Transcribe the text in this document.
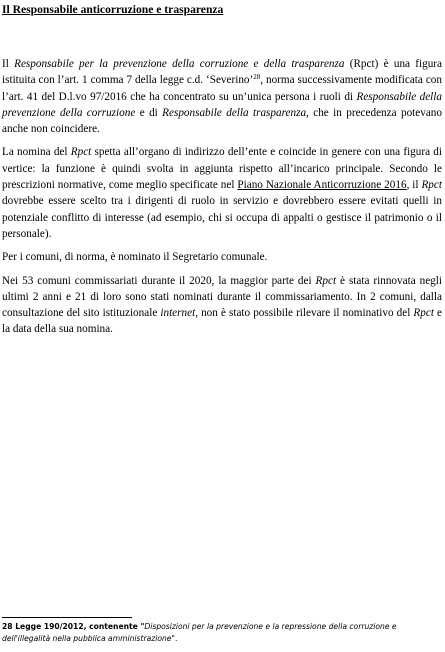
Il Responsabile anticorruzione e trasparenza

Il Responsabile per la prevenzione della corruzione e della trasparenza (Rpct) è una figura istituita con l’art. 1 comma 7 della legge c.d. ‘Severino’$^{28}$, norma successivamente modificata con l’art. 41 del D.l.vo 97/2016 che ha concentrato su un’unica persona i ruoli di Responsabile della prevenzione della corruzione e di Responsabile della trasparenza, che in precedenza potevano anche non coincidere.

La nomina del Rpct spetta all’organo di indirizzo dell’ente e coincide in genere con una figura di vertice: la funzione è quindi svolta in aggiunta rispetto all’incarico principale. Secondo le prescrizioni normative, come meglio specificate nel Piano Nazionale Anticorruzione 2016, il Rpct dovrebbe essere scelto tra i dirigenti di ruolo in servizio e dovrebbero essere evitati quelli in potenziale conflitto di interesse (ad esempio, chi si occupa di appalti o gestisce il patrimonio o il personale).

Per i comuni, di norma, è nominato il Segretario comunale.

Nei 53 comuni commissariati durante il 2020, la maggior parte dei Rpct è stata rinnovata negli ultimi 2 anni e 21 di loro sono stati nominati durante il commissariamento. In 2 comuni, dalla consultazione del sito istituzionale internet, non è stato possibile rilevare il nominativo del Rpct e la data della sua nomina.

28 Legge 190/2012, contenente "Disposizioni per la prevenzione e la repressione della corruzione e dell'illegalità nella pubblica amministrazione".
